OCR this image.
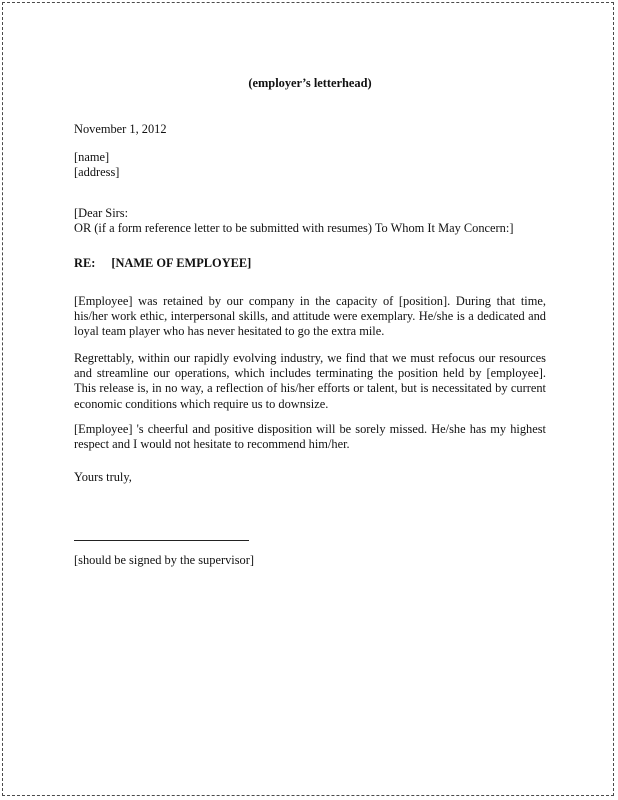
(employer’s letterhead)

November 1, 2012

[name]
[address]
[Dear Sirs:
OR (if a form reference letter to be submitted with resumes) To Whom It May Concern:]
RE: [NAME OF EMPLOYEE]

[Employee] was retained by our company in the capacity of [position]. During that time, his/her work ethic, interpersonal skills, and attitude were exemplary. He/she is a dedicated and loyal team player who has never hesitated to go the extra mile.

Regrettably, within our rapidly evolving industry, we find that we must refocus our resources and streamline our operations, which includes terminating the position held by [employee]. This release is, in no way, a reflection of his/her efforts or talent, but is necessitated by current economic conditions which require us to downsize.

[Employee] 's cheerful and positive disposition will be sorely missed. He/she has my highest respect and I would not hesitate to recommend him/her.

Yours truly,

[should be signed by the supervisor]
